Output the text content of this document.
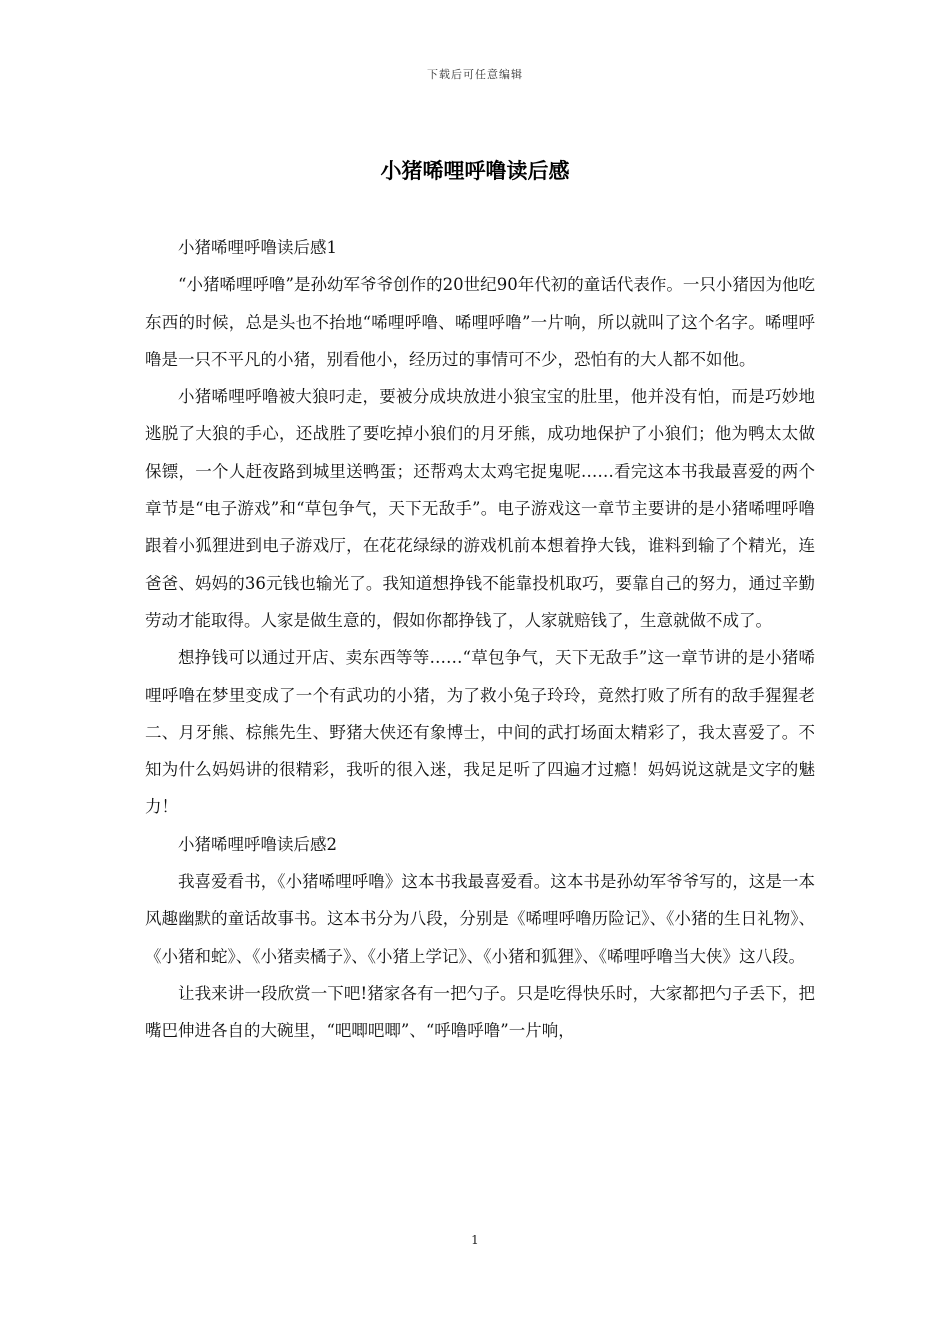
下载后可任意编辑
小猪唏哩呼噜读后感

小猪唏哩呼噜读后感1

“小猪唏哩呼噜”是孙幼军爷爷创作的20世纪90年代初的童话代表作。一只小猪因为他吃东西的时候，总是头也不抬地“唏哩呼噜、唏哩呼噜”一片响，所以就叫了这个名字。唏哩呼噜是一只不平凡的小猪，别看他小，经历过的事情可不少，恐怕有的大人都不如他。

小猪唏哩呼噜被大狼叼走，要被分成块放进小狼宝宝的肚里，他并没有怕，而是巧妙地逃脱了大狼的手心，还战胜了要吃掉小狼们的月牙熊，成功地保护了小狼们；他为鸭太太做保镖，一个人赶夜路到城里送鸭蛋；还帮鸡太太鸡宅捉鬼呢……看完这本书我最喜爱的两个章节是“电子游戏”和“草包争气，天下无敌手”。电子游戏这一章节主要讲的是小猪唏哩呼噜跟着小狐狸进到电子游戏厅，在花花绿绿的游戏机前本想着挣大钱，谁料到输了个精光，连爸爸、妈妈的36元钱也输光了。我知道想挣钱不能靠投机取巧，要靠自己的努力，通过辛勤劳动才能取得。人家是做生意的，假如你都挣钱了，人家就赔钱了，生意就做不成了。

想挣钱可以通过开店、卖东西等等……“草包争气，天下无敌手”这一章节讲的是小猪唏哩呼噜在梦里变成了一个有武功的小猪，为了救小兔子玲玲，竟然打败了所有的敌手猩猩老二、月牙熊、棕熊先生、野猪大侠还有象博士，中间的武打场面太精彩了，我太喜爱了。不知为什么妈妈讲的很精彩，我听的很入迷，我足足听了四遍才过瘾！妈妈说这就是文字的魅力！

小猪唏哩呼噜读后感2

我喜爱看书，《小猪唏哩呼噜》这本书我最喜爱看。这本书是孙幼军爷爷写的，这是一本风趣幽默的童话故事书。这本书分为八段，分别是《唏哩呼噜历险记》、《小猪的生日礼物》、《小猪和蛇》、《小猪卖橘子》、《小猪上学记》、《小猪和狐狸》、《唏哩呼噜当大侠》这八段。

让我来讲一段欣赏一下吧!猪家各有一把勺子。只是吃得快乐时，大家都把勺子丢下，把嘴巴伸进各自的大碗里，“吧唧吧唧”、“呼噜呼噜”一片响，

1
